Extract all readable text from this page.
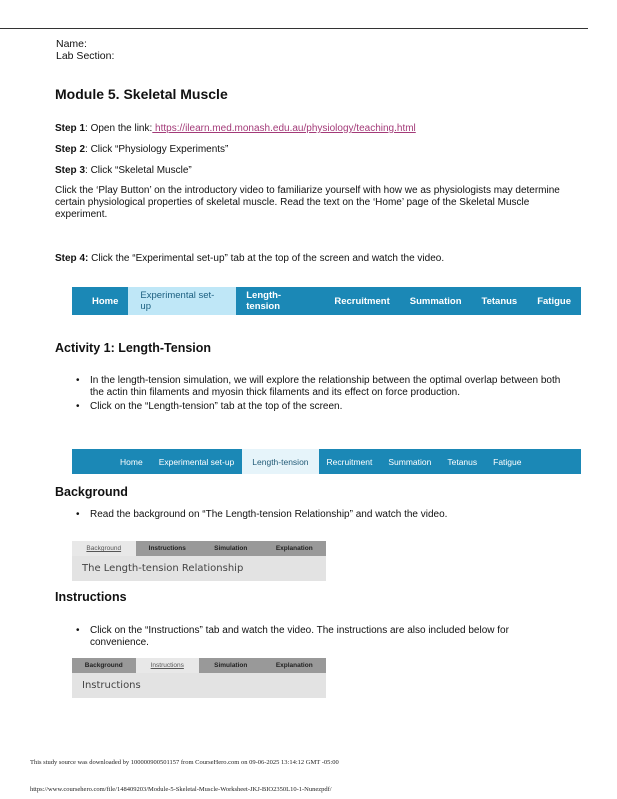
Name:
Lab Section:
Module 5. Skeletal Muscle
Step 1: Open the link: https://ilearn.med.monash.edu.au/physiology/teaching.html
Step 2: Click “Physiology Experiments”
Step 3: Click “Skeletal Muscle”
Click the ‘Play Button’ on the introductory video to familiarize yourself with how we as physiologists may determine certain physiological properties of skeletal muscle. Read the text on the ‘Home’ page of the Skeletal Muscle experiment.
Step 4: Click the “Experimental set-up” tab at the top of the screen and watch the video.
Home	Experimental set-up
Length-tension	Recruitment	Summation	Tetanus	Fatigue
Activity 1: Length-Tension
• In the length-tension simulation, we will explore the relationship between the optimal overlap between both the actin thin filaments and myosin thick filaments and its effect on force production.
• Click on the “Length-tension” tab at the top of the screen.
Home	Experimental set-up	Length-tension	Recruitment	Summation	Tetanus	Fatigue
Background
• Read the background on “The Length-tension Relationship” and watch the video.
Background	Instructions	Simulation	Explanation
The Length-tension Relationship
Instructions
• Click on the “Instructions” tab and watch the video. The instructions are also included below for convenience.
Background	Instructions	Simulation	Explanation
Instructions
This study source was downloaded by 100000900501157 from CourseHero.com on 09-06-2025 13:14:12 GMT -05:00
https://www.coursehero.com/file/148409203/Module-5-Skeletal-Muscle-Worksheet-JKJ-BIO2350L10-1-Nunezpdf/
